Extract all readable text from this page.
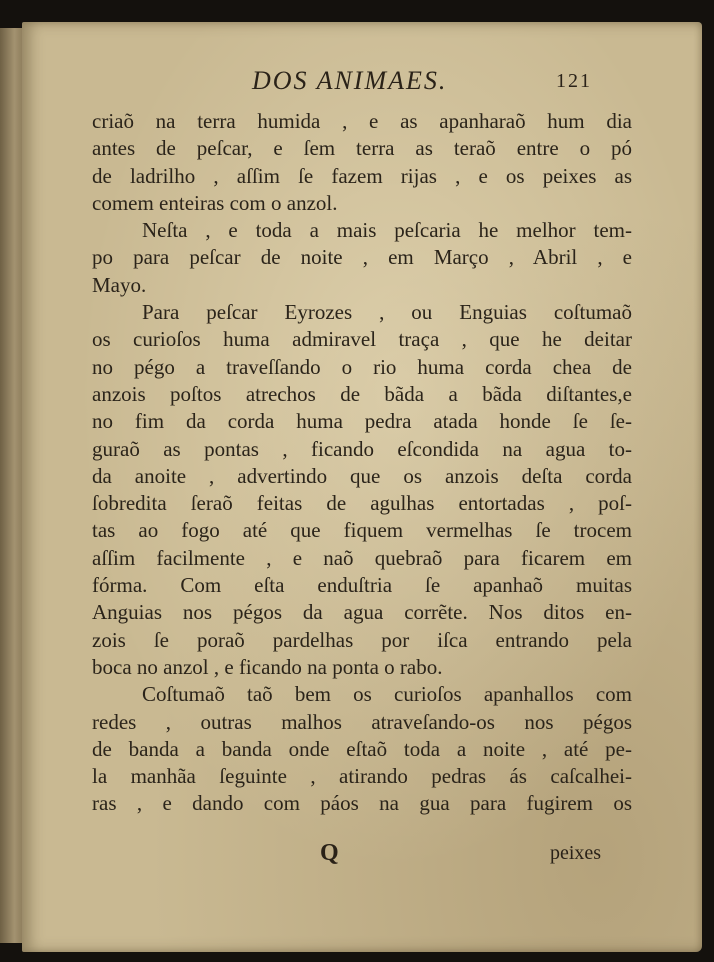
DOS ANIMAES.	121
criaõ na terra humida , e as apanharaõ hum dia
antes de peſcar, e ſem terra as teraõ entre o pó
de ladrilho , aſſim ſe fazem rijas , e os peixes as
comem enteiras com o anzol.
Neſta , e toda a mais peſcaria he melhor tem-
po para peſcar de noite , em Março , Abril , e
Mayo.
Para peſcar Eyrozes , ou Enguias coſtumaõ
os curioſos huma admiravel traça , que he deitar
no pégo a traveſſando o rio huma corda chea de
anzois poſtos atrechos de bãda a bãda diſtantes,e
no fim da corda huma pedra atada honde ſe ſe-
guraõ as pontas , ficando eſcondida na agua to-
da anoite , advertindo que os anzois deſta corda
ſobredita ſeraõ feitas de agulhas entortadas , poſ-
tas ao fogo até que fiquem vermelhas ſe trocem
aſſim facilmente , e naõ quebraõ para ficarem em
fórma. Com eſta enduſtria ſe apanhaõ muitas
Anguias nos pégos da agua corrẽte. Nos ditos en-
zois ſe poraõ pardelhas por iſca entrando pela
boca no anzol , e ficando na ponta o rabo.
Coſtumaõ taõ bem os curioſos apanhallos com
redes , outras malhos atraveſando-os nos pégos
de banda a banda onde eſtaõ toda a noite , até pe-
la manhãa ſeguinte , atirando pedras ás caſcalhei-
ras , e dando com páos na gua para fugirem os
Q	peixes
